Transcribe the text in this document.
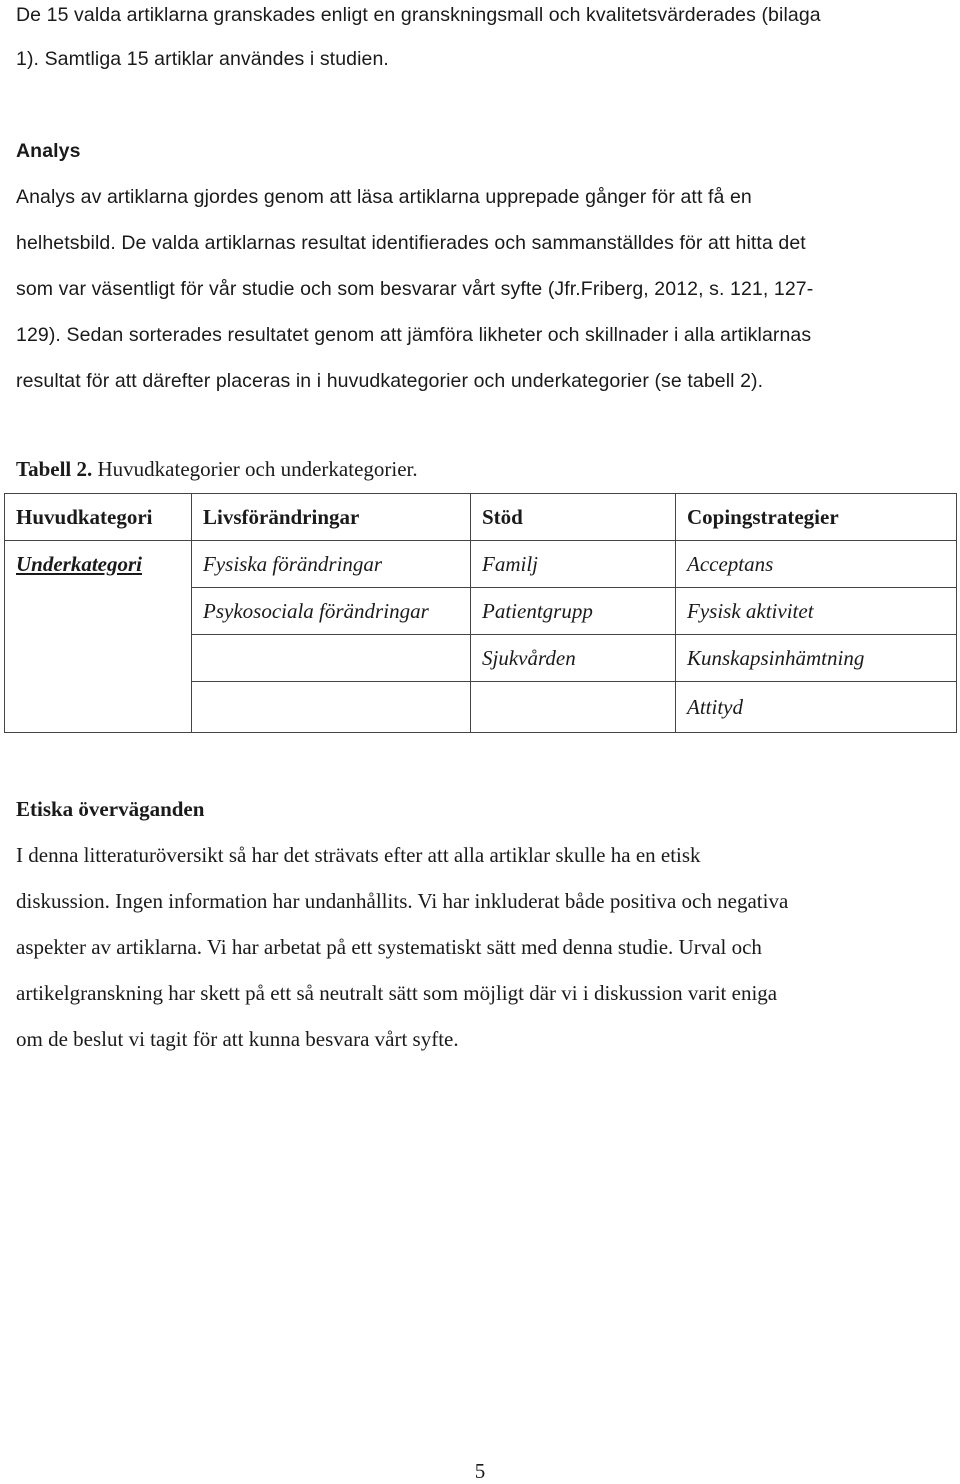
De 15 valda artiklarna granskades enligt en granskningsmall och kvalitetsvärderades (bilaga
1). Samtliga 15 artiklar användes i studien.
Analys
Analys av artiklarna gjordes genom att läsa artiklarna upprepade gånger för att få en
helhetsbild. De valda artiklarnas resultat identifierades och sammanställdes för att hitta det
som var väsentligt för vår studie och som besvarar vårt syfte (Jfr.Friberg, 2012, s. 121, 127-
129). Sedan sorterades resultatet genom att jämföra likheter och skillnader i alla artiklarnas
resultat för att därefter placeras in i huvudkategorier och underkategorier (se tabell 2).
Tabell 2. Huvudkategorier och underkategorier.
Huvudkategori	Livsförändringar	Stöd	Copingstrategier
Underkategori	Fysiska förändringar	Familj	Acceptans
	Psykosociala förändringar	Patientgrupp	Fysisk aktivitet
		Sjukvården	Kunskapsinhämtning
			Attityd
Etiska överväganden
I denna litteraturöversikt så har det strävats efter att alla artiklar skulle ha en etisk
diskussion. Ingen information har undanhållits. Vi har inkluderat både positiva och negativa
aspekter av artiklarna. Vi har arbetat på ett systematiskt sätt med denna studie. Urval och
artikelgranskning har skett på ett så neutralt sätt som möjligt där vi i diskussion varit eniga
om de beslut vi tagit för att kunna besvara vårt syfte.
5
